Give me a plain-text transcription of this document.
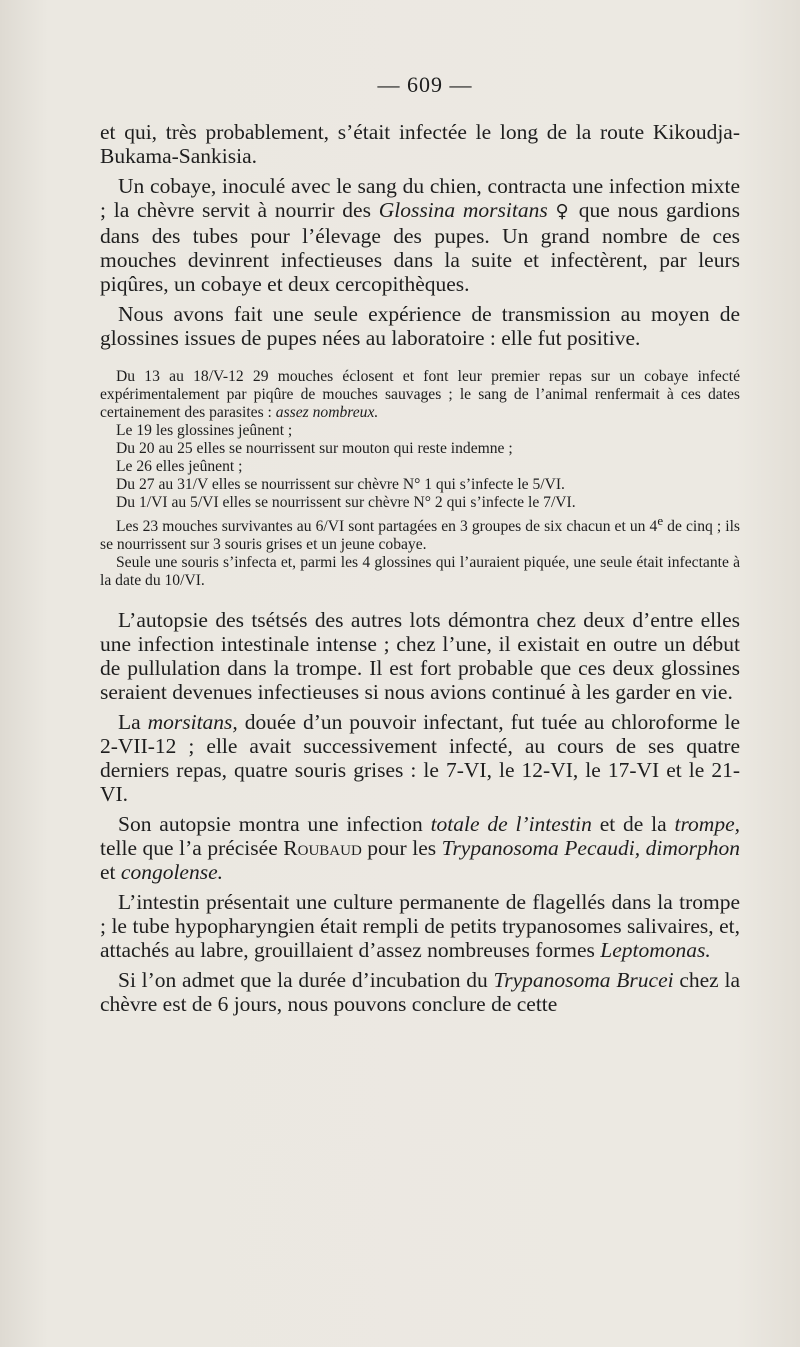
— 609 —

et qui, très probablement, s’était infectée le long de la route Kikoudja-Bukama-Sankisia.

Un cobaye, inoculé avec le sang du chien, contracta une infection mixte ; la chèvre servit à nourrir des Glossina morsitans ♀ que nous gardions dans des tubes pour l’élevage des pupes. Un grand nombre de ces mouches devinrent infectieuses dans la suite et infectèrent, par leurs piqûres, un cobaye et deux cercopithèques.

Nous avons fait une seule expérience de transmission au moyen de glossines issues de pupes nées au laboratoire : elle fut positive.

Du 13 au 18/V-12 29 mouches éclosent et font leur premier repas sur un cobaye infecté expérimentalement par piqûre de mouches sauvages ; le sang de l’animal renfermait à ces dates certainement des parasites : assez nombreux.

Le 19 les glossines jeûnent ;

Du 20 au 25 elles se nourrissent sur mouton qui reste indemne ;

Le 26 elles jeûnent ;

Du 27 au 31/V elles se nourrissent sur chèvre N° 1 qui s’infecte le 5/VI.

Du 1/VI au 5/VI elles se nourrissent sur chèvre N° 2 qui s’infecte le 7/VI.

Les 23 mouches survivantes au 6/VI sont partagées en 3 groupes de six chacun et un 4e de cinq ; ils se nourrissent sur 3 souris grises et un jeune cobaye.

Seule une souris s’infecta et, parmi les 4 glossines qui l’auraient piquée, une seule était infectante à la date du 10/VI.

L’autopsie des tsétsés des autres lots démontra chez deux d’entre elles une infection intestinale intense ; chez l’une, il existait en outre un début de pullulation dans la trompe. Il est fort probable que ces deux glossines seraient devenues infectieuses si nous avions continué à les garder en vie.

La morsitans, douée d’un pouvoir infectant, fut tuée au chloroforme le 2-VII-12 ; elle avait successivement infecté, au cours de ses quatre derniers repas, quatre souris grises : le 7-VI, le 12-VI, le 17-VI et le 21-VI.

Son autopsie montra une infection totale de l’intestin et de la trompe, telle que l’a précisée Roubaud pour les Trypanosoma Pecaudi, dimorphon et congolense.

L’intestin présentait une culture permanente de flagellés dans la trompe ; le tube hypopharyngien était rempli de petits trypanosomes salivaires, et, attachés au labre, grouillaient d’assez nombreuses formes Leptomonas.

Si l’on admet que la durée d’incubation du Trypanosoma Brucei chez la chèvre est de 6 jours, nous pouvons conclure de cette
